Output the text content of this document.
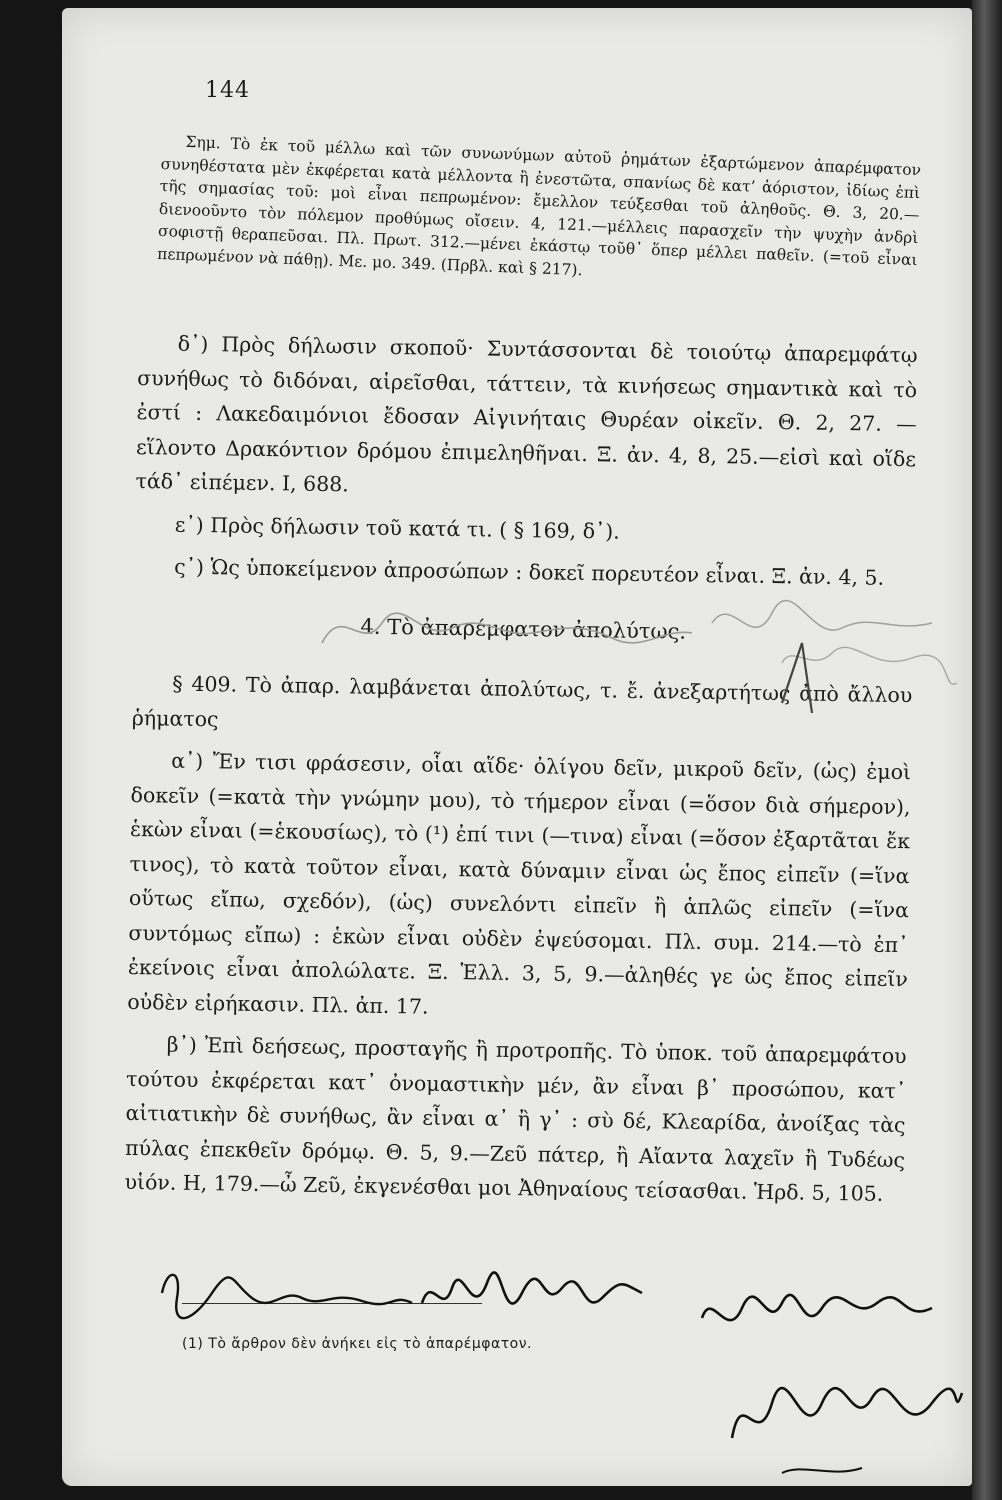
144

Σημ. Τὸ ἐκ τοῦ μέλλω καὶ τῶν συνωνύμων αὐτοῦ ῥημάτων ἐξαρτώμενον ἀπαρέμφατον συνηθέστατα μὲν ἐκφέρεται κατὰ μέλλοντα ἢ ἐνεστῶτα, σπανίως δὲ κατ’ ἀόριστον, ἰδίως ἐπὶ τῆς σημασίας τοῦ: μοὶ εἶναι πεπρωμένον: ἔμελλον τεύξεσθαι τοῦ ἀληθοῦς. Θ. 3, 20.—διενοοῦντο τὸν πόλεμον προθύμως οἴσειν. 4, 121.—μέλλεις παρασχεῖν τὴν ψυχὴν ἀνδρὶ σοφιστῇ θεραπεῦσαι. Πλ. Πρωτ. 312.—μένει ἑκάστῳ τοῦθ᾿ ὅπερ μέλλει παθεῖν. (=τοῦ εἶναι πεπρωμένον νὰ πάθῃ). Με. μο. 349. (Πρβλ. καὶ § 217).

δ᾿) Πρὸς δήλωσιν σκοποῦ· Συντάσσονται δὲ τοιούτῳ ἀπαρεμφάτῳ συνήθως τὸ διδόναι, αἱρεῖσθαι, τάττειν, τὰ κινήσεως σημαντικὰ καὶ τὸ ἐστί : Λακεδαιμόνιοι ἔδοσαν Αἰγινήταις Θυρέαν οἰκεῖν. Θ. 2, 27. —εἵλοντο Δρακόντιον δρόμου ἐπιμεληθῆναι. Ξ. ἀν. 4, 8, 25.—εἰσὶ καὶ οἵδε τάδ᾿ εἰπέμεν. I, 688.

ε᾿) Πρὸς δήλωσιν τοῦ κατά τι. ( § 169, δ᾿).

ς᾿) Ὡς ὑποκείμενον ἀπροσώπων : δοκεῖ πορευτέον εἶναι. Ξ. ἀν. 4, 5.

4. Τὸ ἀπαρέμφατον ἀπολύτως.

§ 409. Τὸ ἀπαρ. λαμβάνεται ἀπολύτως, τ. ἔ. ἀνεξαρτήτως ἀπὸ ἄλλου ῥήματος

α᾿) Ἔν τισι φράσεσιν, οἷαι αἵδε· ὀλίγου δεῖν, μικροῦ δεῖν, (ὡς) ἐμοὶ δοκεῖν (=κατὰ τὴν γνώμην μου), τὸ τήμερον εἶναι (=ὅσον διὰ σήμερον), ἑκὼν εἶναι (=ἑκουσίως), τὸ (¹) ἐπί τινι (—τινα) εἶναι (=ὅσον ἐξαρτᾶται ἔκ τινος), τὸ κατὰ τοῦτον εἶναι, κατὰ δύναμιν εἶναι ὡς ἔπος εἰπεῖν (=ἵνα οὕτως εἴπω, σχεδόν), (ὡς) συνελόντι εἰπεῖν ἢ ἁπλῶς εἰπεῖν (=ἵνα συντόμως εἴπω) : ἑκὼν εἶναι οὐδὲν ἐψεύσομαι. Πλ. συμ. 214.—τὸ ἐπ᾿ ἐκείνοις εἶναι ἀπολώλατε. Ξ. Ἑλλ. 3, 5, 9.—ἀληθές γε ὡς ἔπος εἰπεῖν οὐδὲν εἰρήκασιν. Πλ. ἀπ. 17.

β᾿) Ἐπὶ δεήσεως, προσταγῆς ἢ προτροπῆς. Τὸ ὑποκ. τοῦ ἀπαρεμφάτου τούτου ἐκφέρεται κατ᾿ ὀνομαστικὴν μέν, ἂν εἶναι β᾿ προσώπου, κατ᾿ αἰτιατικὴν δὲ συνήθως, ἂν εἶναι α᾿ ἢ γ᾿ : σὺ δέ, Κλεαρίδα, ἀνοίξας τὰς πύλας ἐπεκθεῖν δρόμῳ. Θ. 5, 9.—Ζεῦ πάτερ, ἢ Αἴαντα λαχεῖν ἢ Τυδέως υἱόν. Η, 179.—ὦ Ζεῦ, ἐκγενέσθαι μοι Ἀθηναίους τείσασθαι. Ἡρδ. 5, 105.

(1) Τὸ ἄρθρον δὲν ἀνήκει εἰς τὸ ἀπαρέμφατον.
